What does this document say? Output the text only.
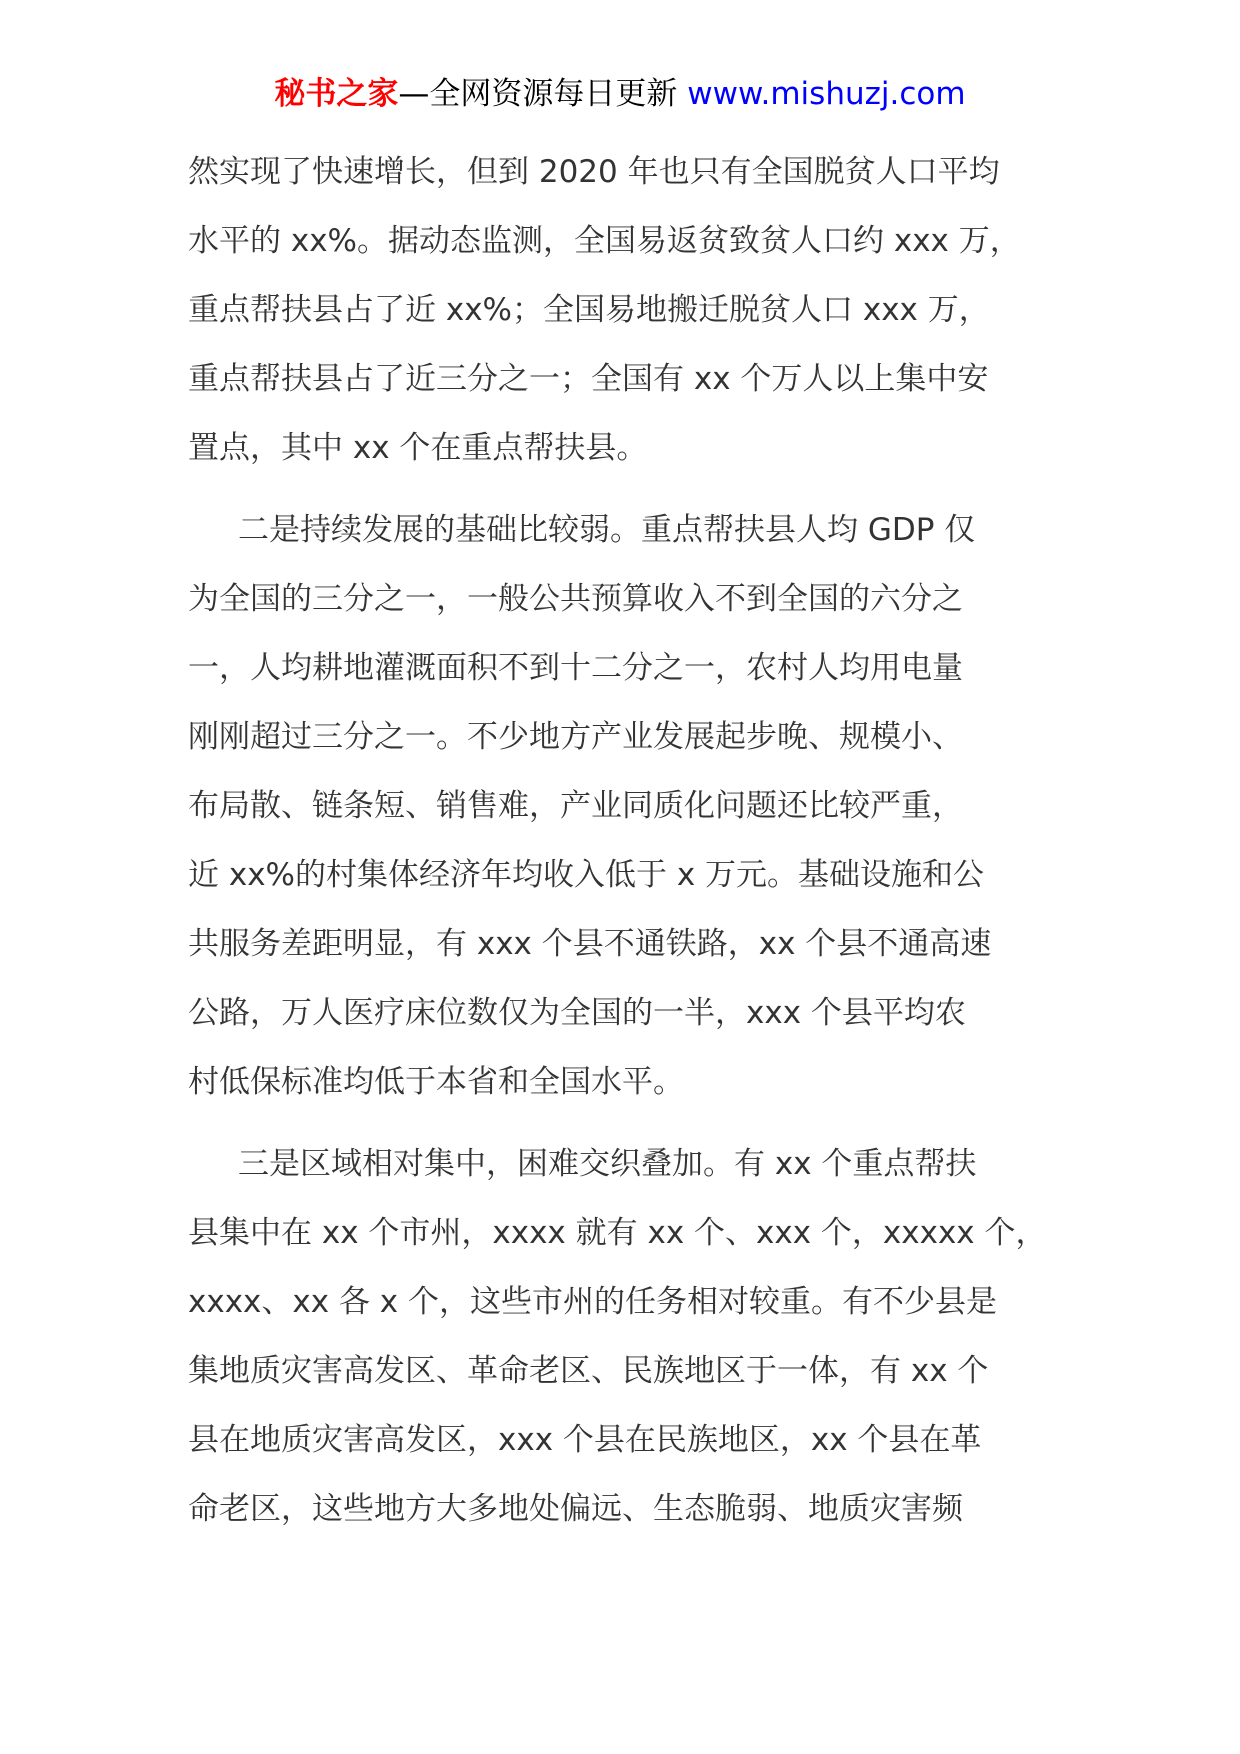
秘书之家—全网资源每日更新 www.mishuzj.com
然实现了快速增长，但到 2020 年也只有全国脱贫人口平均
水平的 xx%。据动态监测，全国易返贫致贫人口约 xxx 万，
重点帮扶县占了近 xx%；全国易地搬迁脱贫人口 xxx 万，
重点帮扶县占了近三分之一；全国有 xx 个万人以上集中安
置点，其中 xx 个在重点帮扶县。
二是持续发展的基础比较弱。重点帮扶县人均 GDP 仅
为全国的三分之一，一般公共预算收入不到全国的六分之
一，人均耕地灌溉面积不到十二分之一，农村人均用电量
刚刚超过三分之一。不少地方产业发展起步晚、规模小、
布局散、链条短、销售难，产业同质化问题还比较严重，
近 xx%的村集体经济年均收入低于 x 万元。基础设施和公
共服务差距明显，有 xxx 个县不通铁路，xx 个县不通高速
公路，万人医疗床位数仅为全国的一半，xxx 个县平均农
村低保标准均低于本省和全国水平。
三是区域相对集中，困难交织叠加。有 xx 个重点帮扶
县集中在 xx 个市州，xxxx 就有 xx 个、xxx 个，xxxxx 个，
xxxx、xx 各 x 个，这些市州的任务相对较重。有不少县是
集地质灾害高发区、革命老区、民族地区于一体，有 xx 个
县在地质灾害高发区，xxx 个县在民族地区，xx 个县在革
命老区，这些地方大多地处偏远、生态脆弱、地质灾害频
